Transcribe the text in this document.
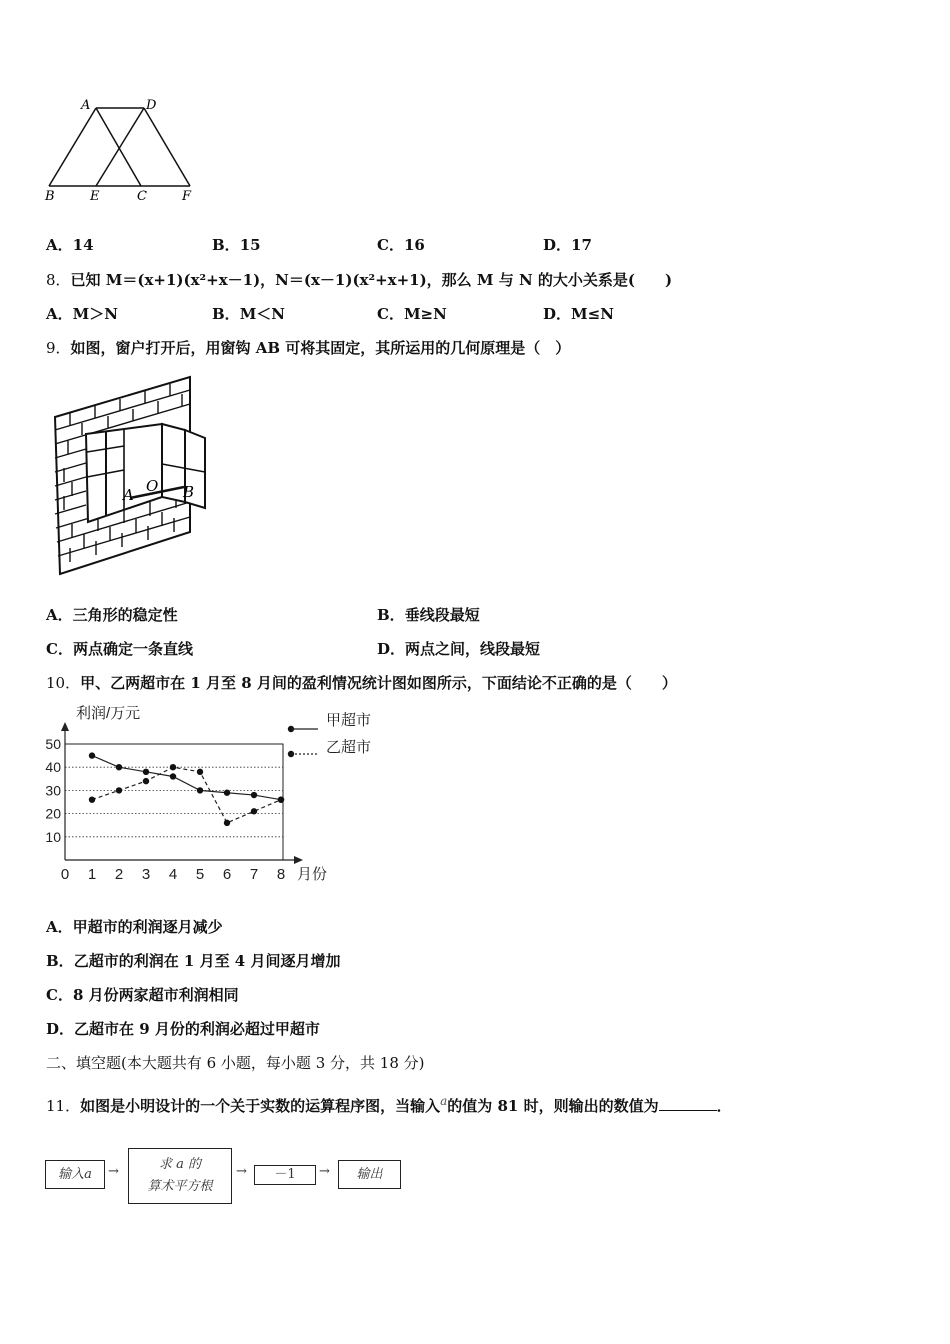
A	D
B	E	C	F
A．14	B．15	C．16	D．17
8．已知 M＝(x+1)(x²+x－1)，N＝(x－1)(x²+x+1)，那么 M 与 N 的大小关系是(　　)
A．M＞N	B．M＜N	C．M≥N	D．M≤N
9．如图，窗户打开后，用窗钩 AB 可将其固定，其所运用的几何原理是（　）
A O B
A．三角形的稳定性	B．垂线段最短
C．两点确定一条直线	D．两点之间，线段最短
10．甲、乙两超市在 1 月至 8 月间的盈利情况统计图如图所示，下面结论不正确的是（　　）
10
20
30
40
50
0 1 2 3 4 5 6 7 8
利润/万元
月份
甲超市
乙超市
A．甲超市的利润逐月减少
B．乙超市的利润在 1 月至 4 月间逐月增加
C．8 月份两家超市利润相同
D．乙超市在 9 月份的利润必超过甲超市
二、填空题(本大题共有 6 小题，每小题 3 分，共 18 分)
11．如图是小明设计的一个关于实数的运算程序图，当输入$^a$的值为 81 时，则输出的数值为	．
输入a	→	求 a 的
算术平方根
→	－1	→	输出
